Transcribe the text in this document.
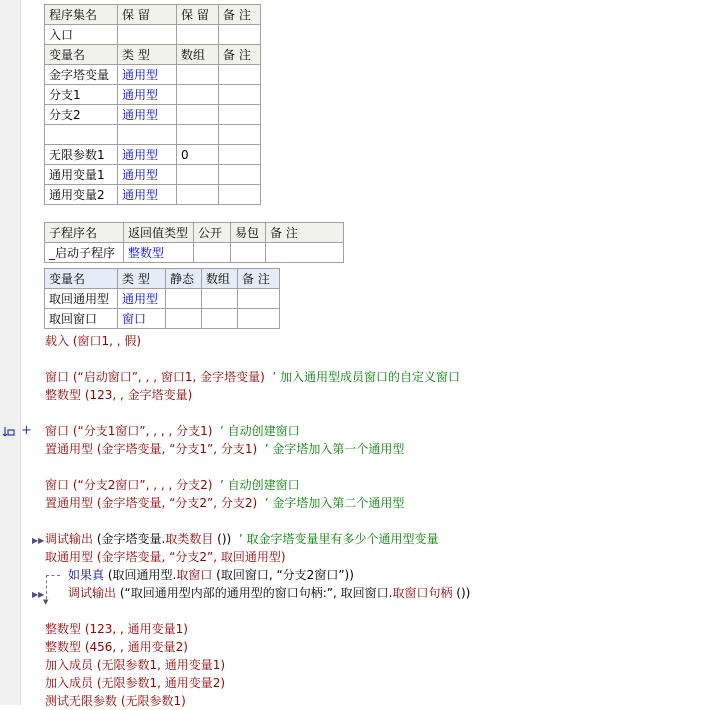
程序集名	保 留	保 留	备 注
入口			
变量名	类 型	数组	备 注
金字塔变量	通用型		
分支1	通用型		
分支2	通用型		

无限参数1	通用型	0	
通用变量1	通用型		
通用变量2	通用型		
子程序名	返回值类型	公开	易包	备 注
_启动子程序	整数型			
变量名	类 型	静态	数组	备 注
取回通用型	通用型			
取回窗口	窗口			
+
▶▶
▶▶
▼
载入 (窗口1, , 假)
窗口 (“启动窗口”, , , 窗口1, 金字塔变量) ’ 加入通用型成员窗口的自定义窗口
整数型 (123, , 金字塔变量)
窗口 (“分支1窗口”, , , , 分支1) ’ 自动创建窗口
置通用型 (金字塔变量, “分支1”, 分支1) ’ 金字塔加入第一个通用型
窗口 (“分支2窗口”, , , , 分支2) ’ 自动创建窗口
置通用型 (金字塔变量, “分支2”, 分支2) ’ 金字塔加入第二个通用型
调试输出 (金字塔变量.取类数目 ()) ’ 取金字塔变量里有多少个通用型变量
取通用型 (金字塔变量, “分支2”, 取回通用型)
如果真 (取回通用型.取窗口 (取回窗口, “分支2窗口”))
调试输出 (“取回通用型内部的通用型的窗口句柄:”, 取回窗口.取窗口句柄 ())
整数型 (123, , 通用变量1)
整数型 (456, , 通用变量2)
加入成员 (无限参数1, 通用变量1)
加入成员 (无限参数1, 通用变量2)
测试无限参数 (无限参数1)
